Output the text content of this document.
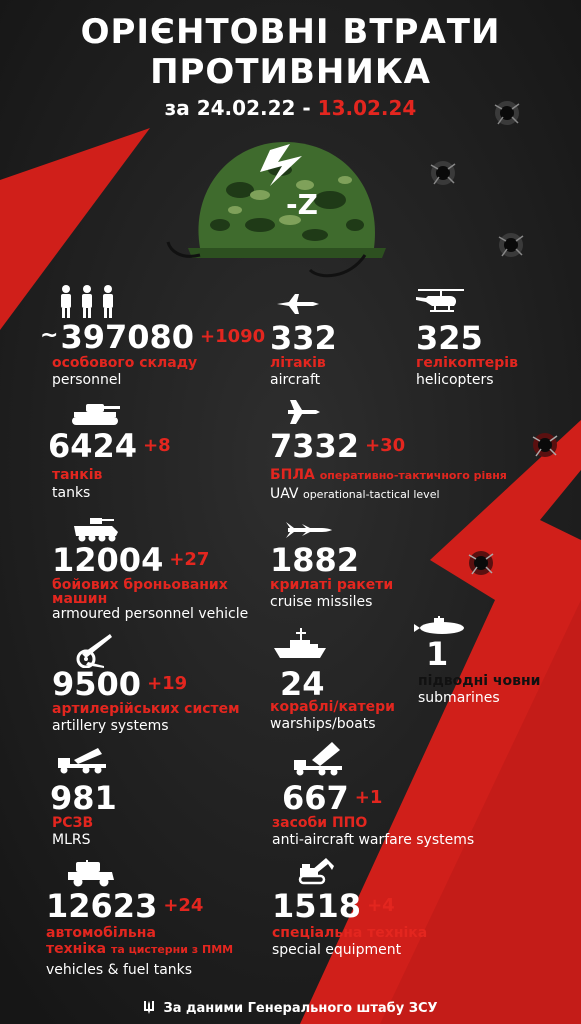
ОРІЄНТОВНІ ВТРАТИ
ПРОТИВНИКА
за 24.02.22 - 13.02.24
-Z
~397080 +1090
особового складу
personnel
332
літаків
aircraft
325
гелікоптерів
helicopters
6424 +8
танків
tanks
7332 +30
БПЛА оперативно-тактичного рівня
UAV operational-tactical level
12004 +27
бойових броньованих
машин
armoured personnel vehicle
1882
крилаті ракети
cruise missiles
1
підводні човни
submarines
9500 +19
артилерійських систем
artillery systems
24
кораблі/катери
warships/boats
981
РСЗВ
MLRS
667 +1
засоби ППО
anti-aircraft warfare systems
12623 +24
автомобільна
техніка та цистерни з ПММ
vehicles & fuel tanks
1518 +4
спеціальна техніка
special equipment
За даними Генерального штабу ЗСУ
